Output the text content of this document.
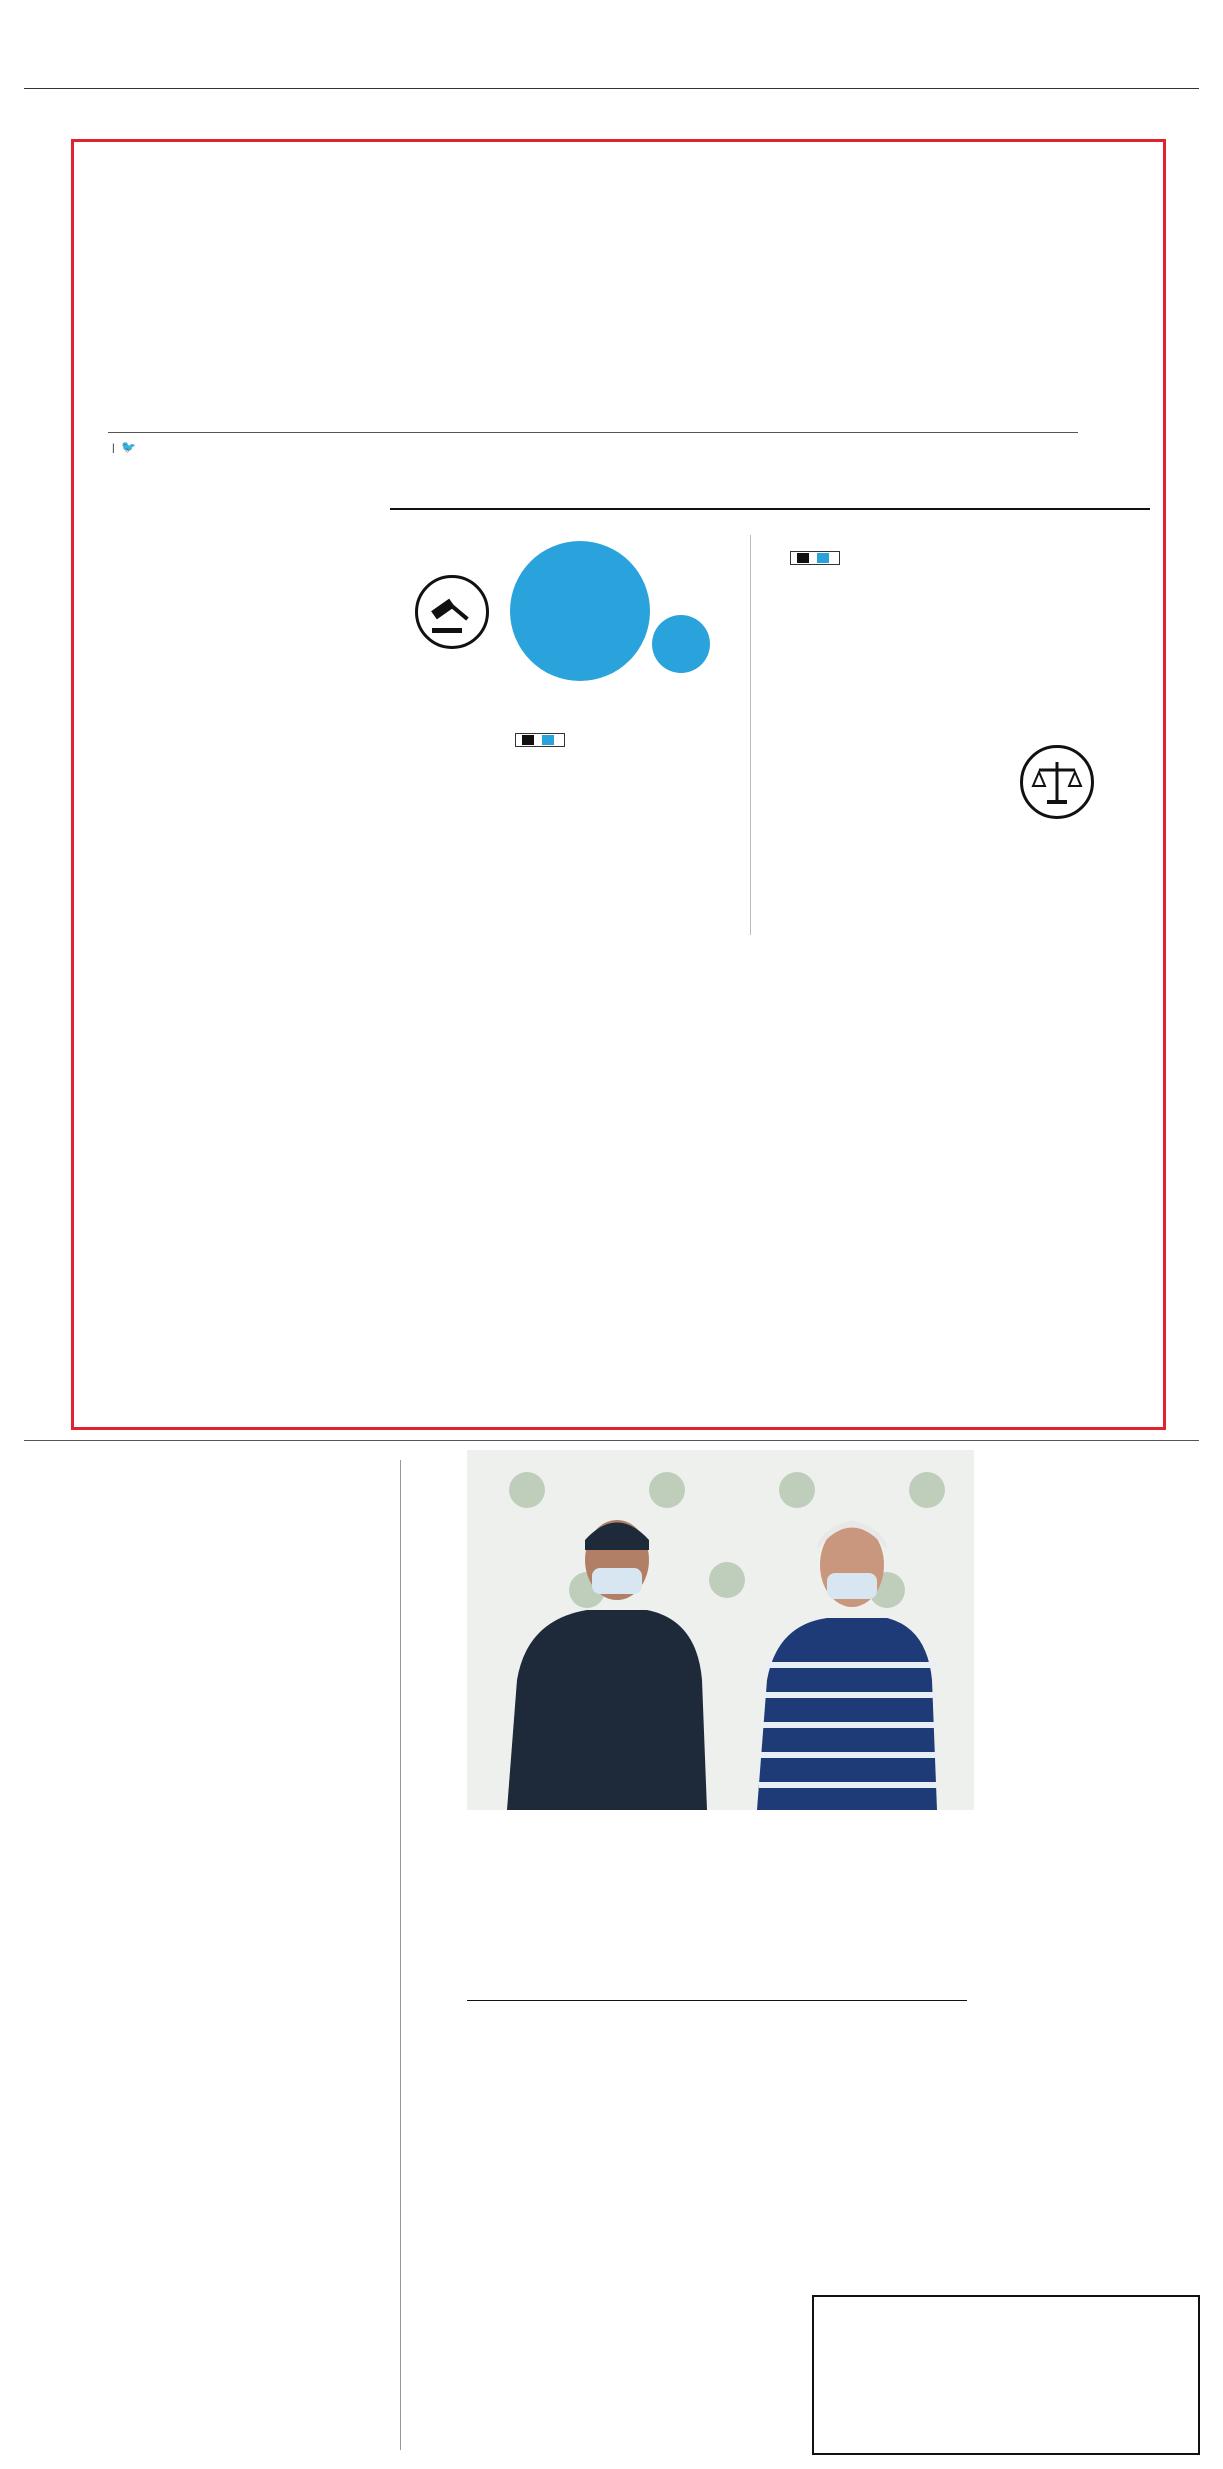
| 🐦
